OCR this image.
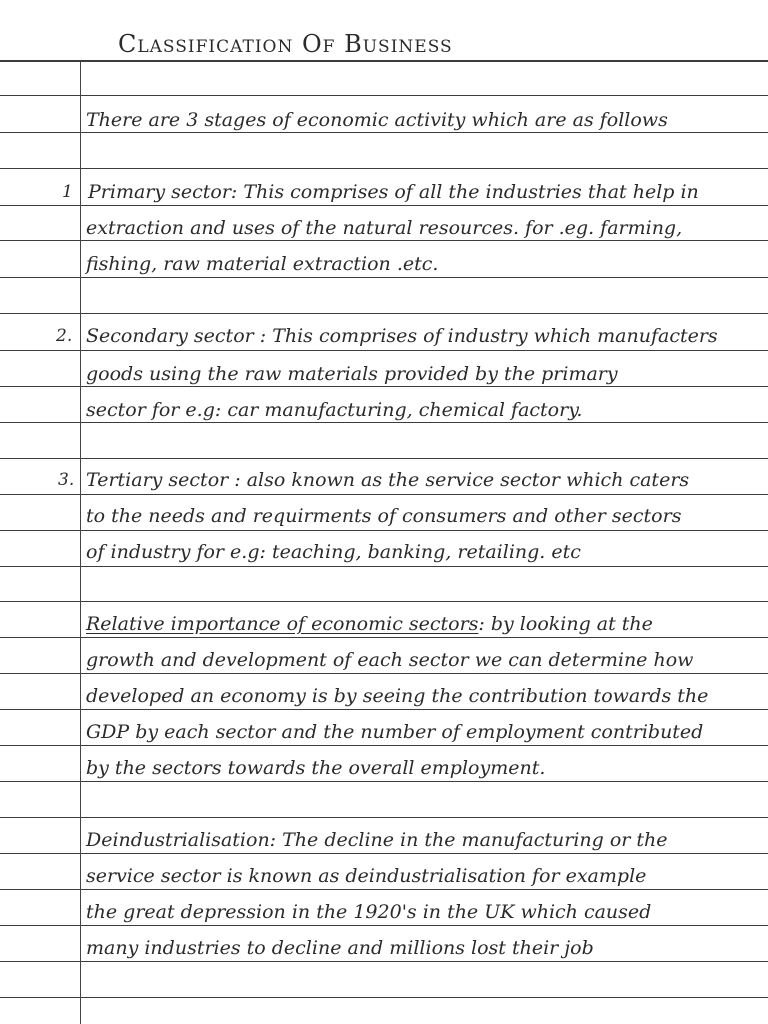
Classification Of Business
There are 3 stages of economic activity which are as follows
1 Primary sector: This comprises of all the industries that help in
extraction and uses of the natural resources. for .eg. farming,
fishing, raw material extraction .etc.
2. Secondary sector : This comprises of industry which manufacters
goods using the raw materials provided by the primary
sector for e.g: car manufacturing, chemical factory.
3. Tertiary sector : also known as the service sector which caters
to the needs and requirments of consumers and other sectors
of industry for e.g: teaching, banking, retailing. etc
Relative importance of economic sectors: by looking at the
growth and development of each sector we can determine how
developed an economy is by seeing the contribution towards the
GDP by each sector and the number of employment contributed
by the sectors towards the overall employment.
Deindustrialisation: The decline in the manufacturing or the
service sector is known as deindustrialisation for example
the great depression in the 1920's in the UK which caused
many industries to decline and millions lost their job
